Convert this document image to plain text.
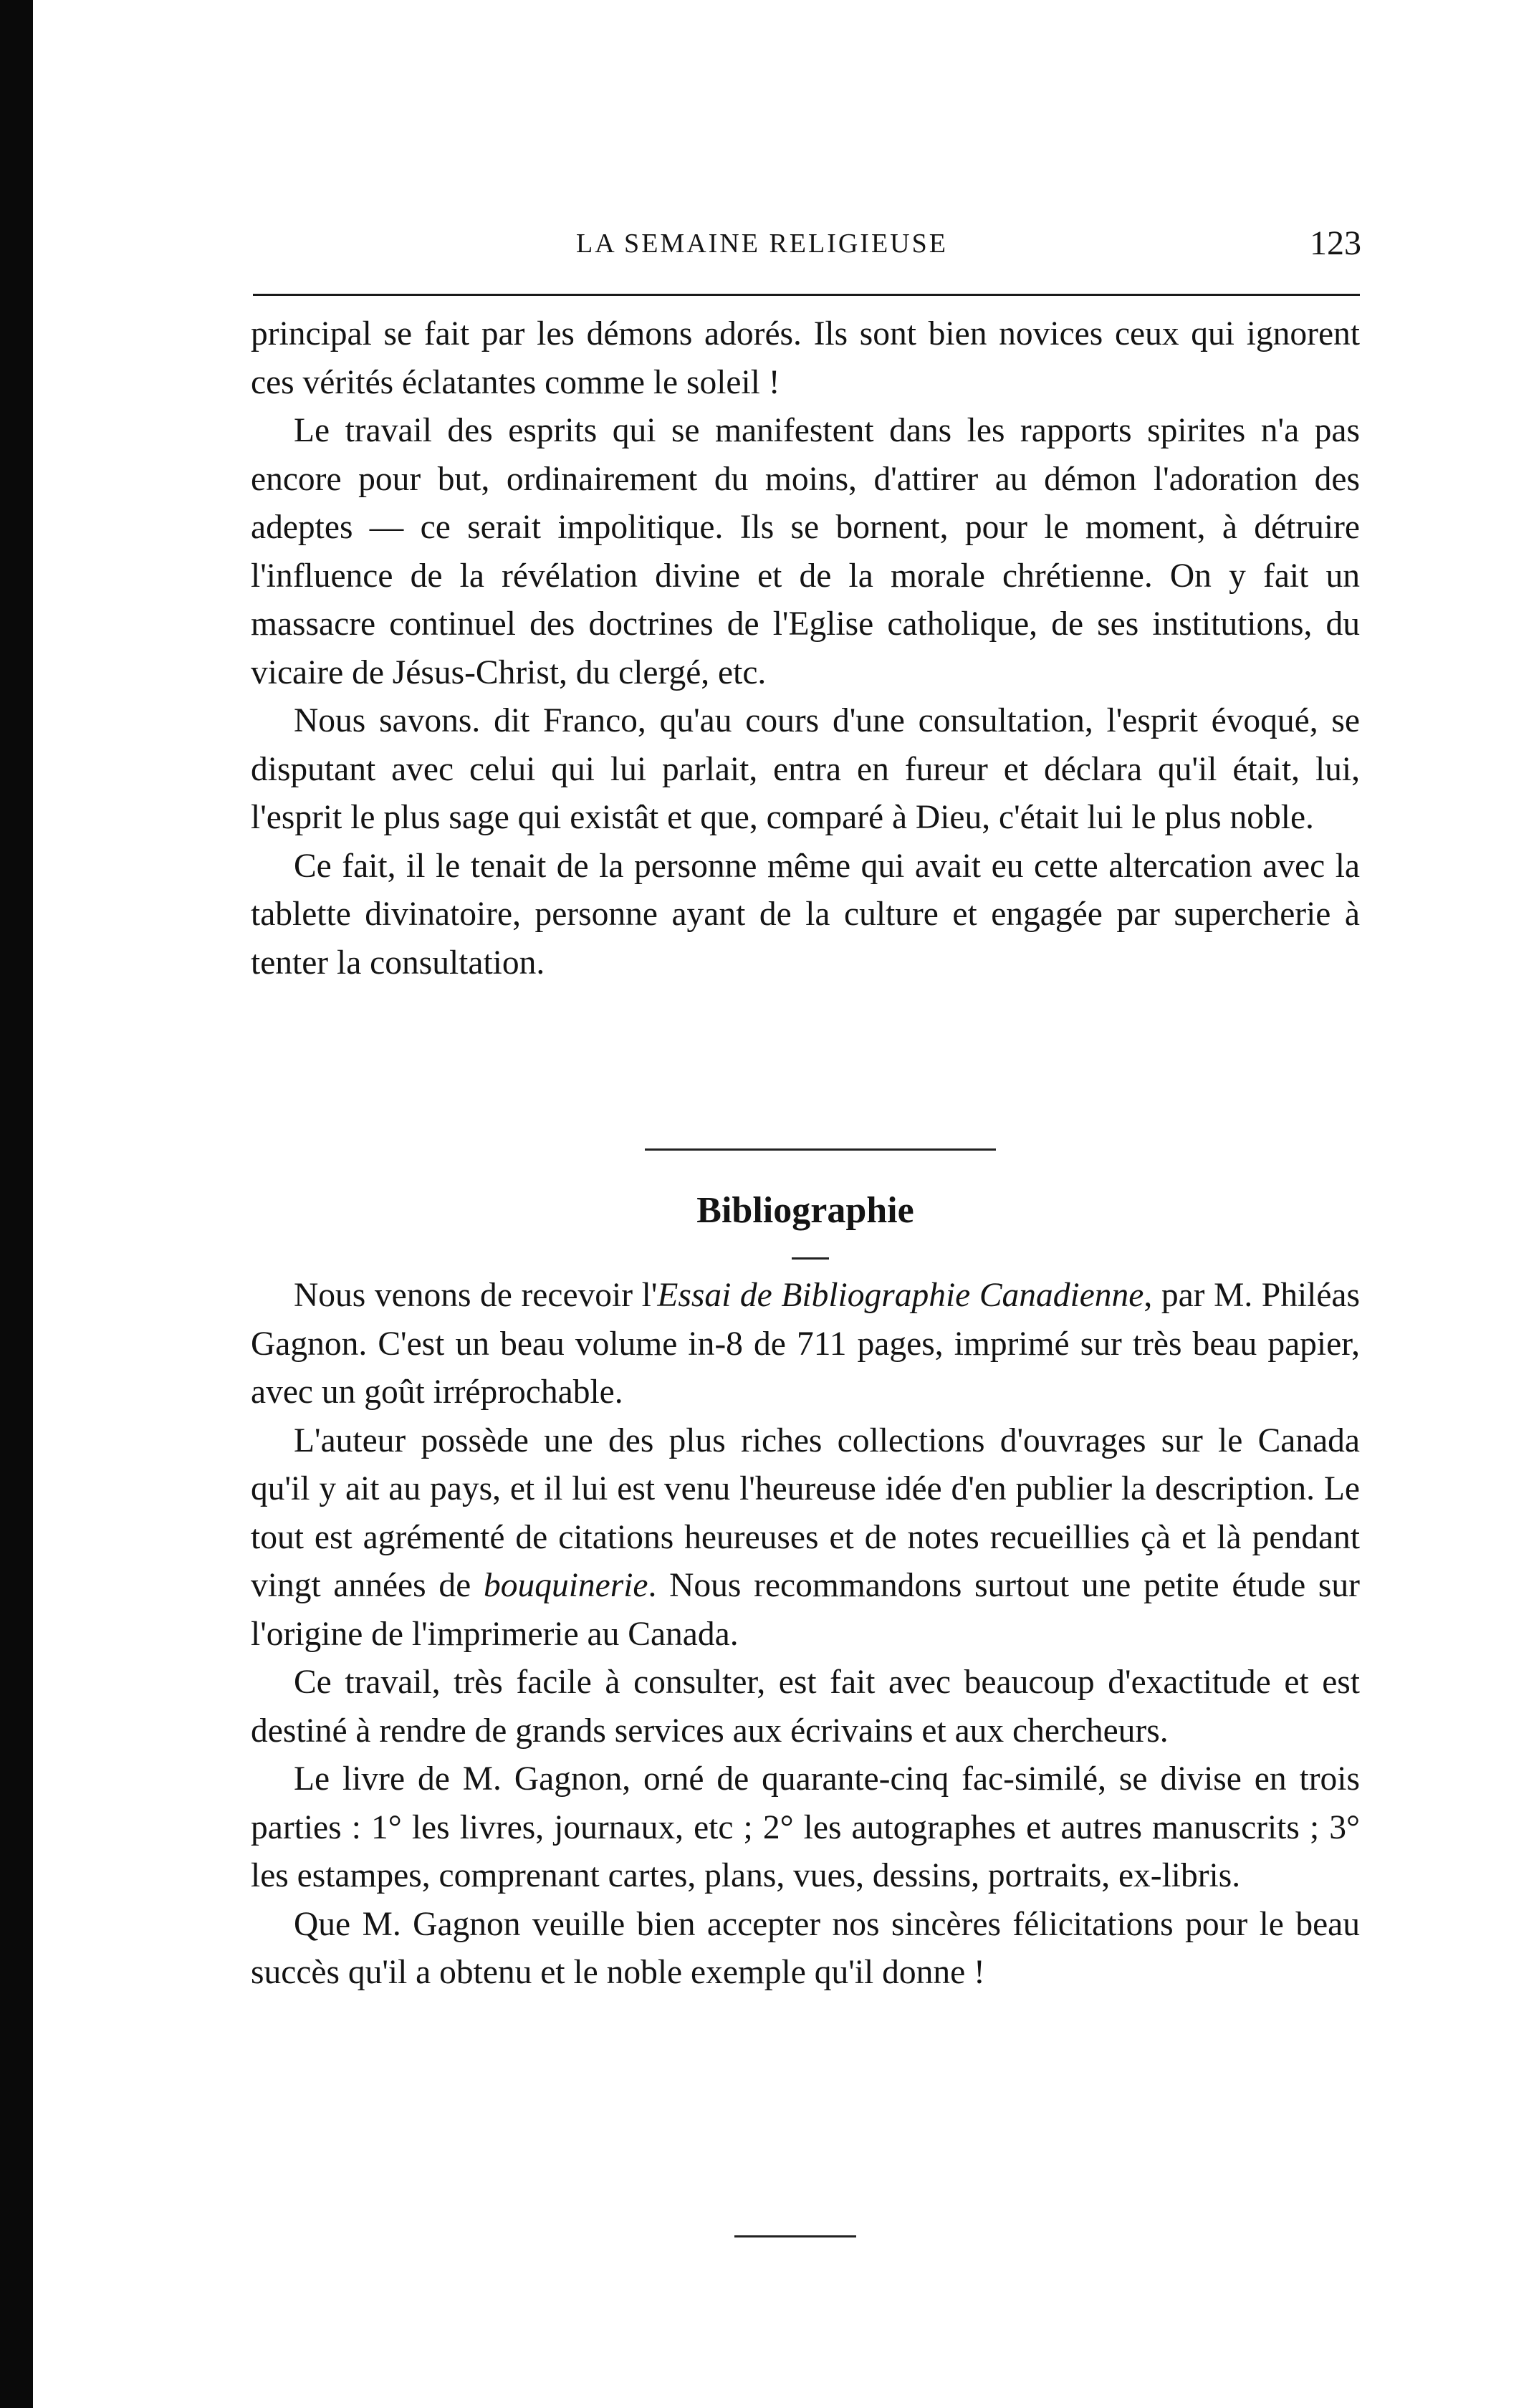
LA SEMAINE RELIGIEUSE	123

principal se fait par les démons adorés. Ils sont bien novices ceux qui ignorent ces vérités éclatantes comme le soleil !

Le travail des esprits qui se manifestent dans les rapports spirites n'a pas encore pour but, ordinairement du moins, d'attirer au démon l'adoration des adeptes — ce serait impolitique. Ils se bornent, pour le moment, à détruire l'influence de la révélation divine et de la morale chrétienne. On y fait un massacre continuel des doctrines de l'Eglise catholique, de ses institutions, du vicaire de Jésus-Christ, du clergé, etc.

Nous savons. dit Franco, qu'au cours d'une consultation, l'esprit évoqué, se disputant avec celui qui lui parlait, entra en fureur et déclara qu'il était, lui, l'esprit le plus sage qui existât et que, comparé à Dieu, c'était lui le plus noble.

Ce fait, il le tenait de la personne même qui avait eu cette altercation avec la tablette divinatoire, personne ayant de la culture et engagée par supercherie à tenter la consultation.

Bibliographie

Nous venons de recevoir l'Essai de Bibliographie Canadienne, par M. Philéas Gagnon. C'est un beau volume in-8 de 711 pages, imprimé sur très beau papier, avec un goût irréprochable.

L'auteur possède une des plus riches collections d'ouvrages sur le Canada qu'il y ait au pays, et il lui est venu l'heureuse idée d'en publier la description. Le tout est agrémenté de citations heureuses et de notes recueillies çà et là pendant vingt années de bouquinerie. Nous recommandons surtout une petite étude sur l'origine de l'imprimerie au Canada.

Ce travail, très facile à consulter, est fait avec beaucoup d'exactitude et est destiné à rendre de grands services aux écrivains et aux chercheurs.

Le livre de M. Gagnon, orné de quarante-cinq fac-similé, se divise en trois parties : 1° les livres, journaux, etc ; 2° les autographes et autres manuscrits ; 3° les estampes, comprenant cartes, plans, vues, dessins, portraits, ex-libris.

Que M. Gagnon veuille bien accepter nos sincères félicitations pour le beau succès qu'il a obtenu et le noble exemple qu'il donne !
